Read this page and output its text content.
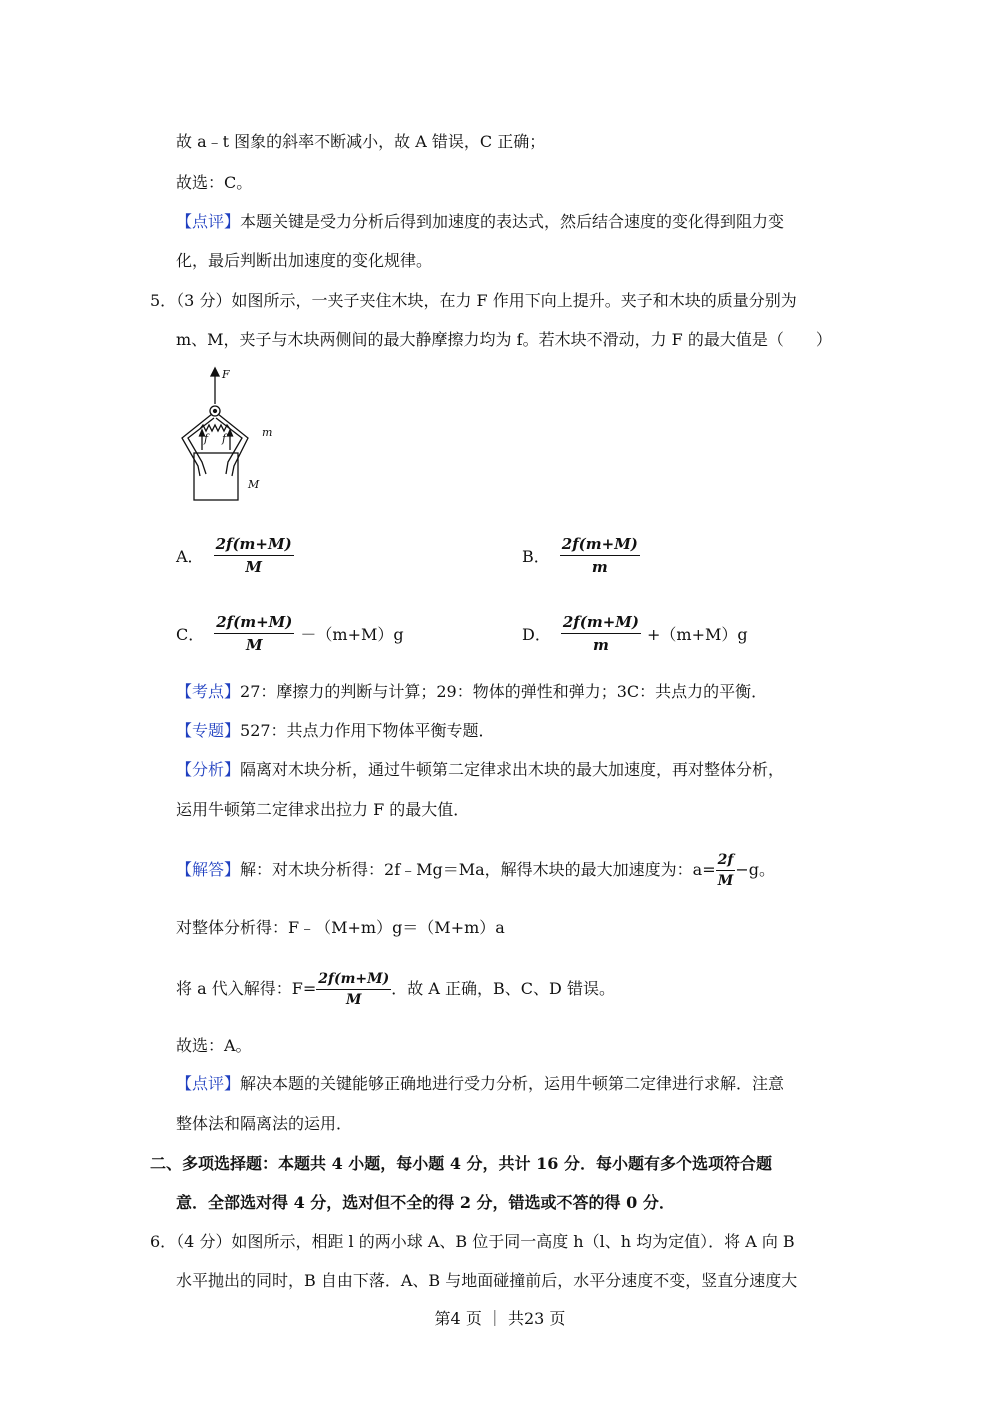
故 a﹣t 图象的斜率不断减小，故 A 错误，C 正确；
故选：C。
【点评】本题关键是受力分析后得到加速度的表达式，然后结合速度的变化得到阻力变
化，最后判断出加速度的变化规律。
5．（3 分）如图所示，一夹子夹住木块，在力 F 作用下向上提升。夹子和木块的质量分别为
m、M，夹子与木块两侧间的最大静摩擦力均为 f。若木块不滑动，力 F 的最大值是（　　）
F
f f	m
M
A． $\frac{2f(m+M)}{M}$	B． $\frac{2f(m+M)}{m}$
C． $\frac{2f(m+M)}{M} -(m+M)g$	D． $\frac{2f(m+M)}{m} +(m+M)g$
【考点】27：摩擦力的判断与计算；29：物体的弹性和弹力；3C：共点力的平衡．
【专题】527：共点力作用下物体平衡专题．
【分析】隔离对木块分析，通过牛顿第二定律求出木块的最大加速度，再对整体分析，
运用牛顿第二定律求出拉力 F 的最大值．
【解答】解：对木块分析得：2f﹣Mg＝Ma，解得木块的最大加速度为：$a= \frac{2f}{M} -g$。
对整体分析得：F﹣（M+m）g＝（M+m）a
将 a 代入解得：$F= \frac{2f(m+M)}{M}$ ．故 A 正确，B、C、D 错误。
故选：A。
【点评】解决本题的关键能够正确地进行受力分析，运用牛顿第二定律进行求解．注意
整体法和隔离法的运用．
二、多项选择题：本题共 4 小题，每小题 4 分，共计 16 分．每小题有多个选项符合题
意．全部选对得 4 分，选对但不全的得 2 分，错选或不答的得 0 分．
6．（4 分）如图所示，相距 l 的两小球 A、B 位于同一高度 h（l、h 均为定值）．将 A 向 B
水平抛出的同时，B 自由下落．A、B 与地面碰撞前后，水平分速度不变，竖直分速度大
第4 页 ｜ 共23 页
